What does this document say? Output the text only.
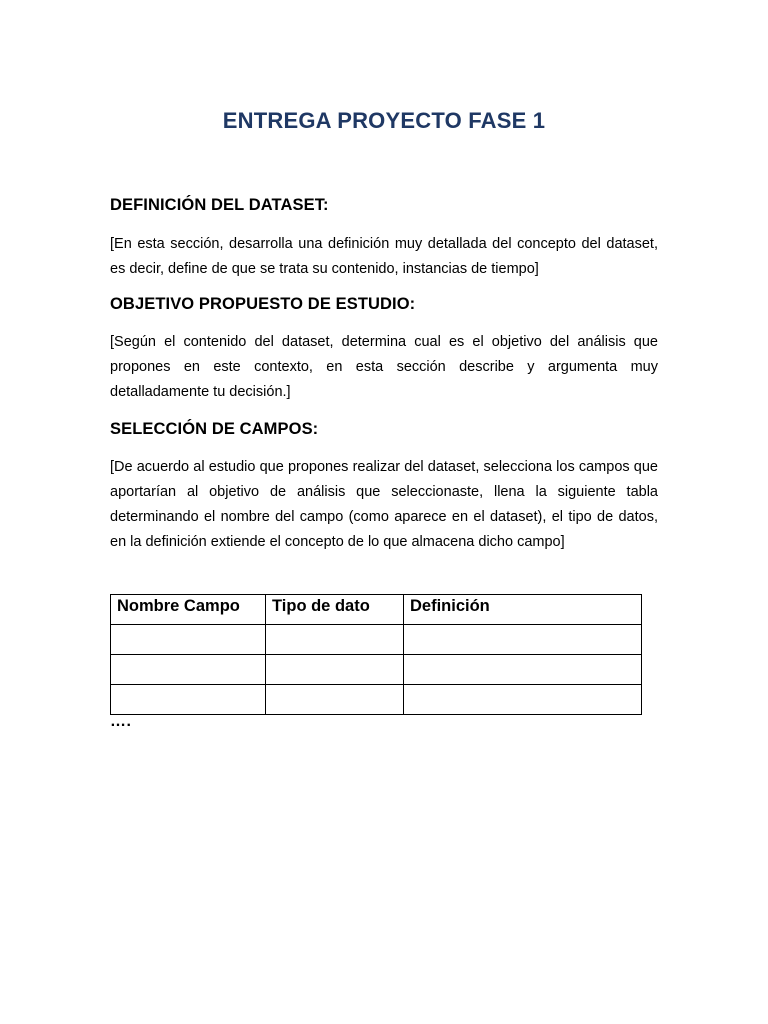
ENTREGA PROYECTO FASE 1
DEFINICIÓN DEL DATASET:

[En esta sección, desarrolla una definición muy detallada del concepto del dataset, es decir, define de que se trata su contenido, instancias de tiempo]

OBJETIVO PROPUESTO DE ESTUDIO:

[Según el contenido del dataset, determina cual es el objetivo del análisis que propones en este contexto, en esta sección describe y argumenta muy detalladamente tu decisión.]

SELECCIÓN DE CAMPOS:

[De acuerdo al estudio que propones realizar del dataset, selecciona los campos que aportarían al objetivo de análisis que seleccionaste, llena la siguiente tabla determinando el nombre del campo (como aparece en el dataset), el tipo de datos, en la definición extiende el concepto de lo que almacena dicho campo]

Nombre Campo	Tipo de dato	Definición

….
